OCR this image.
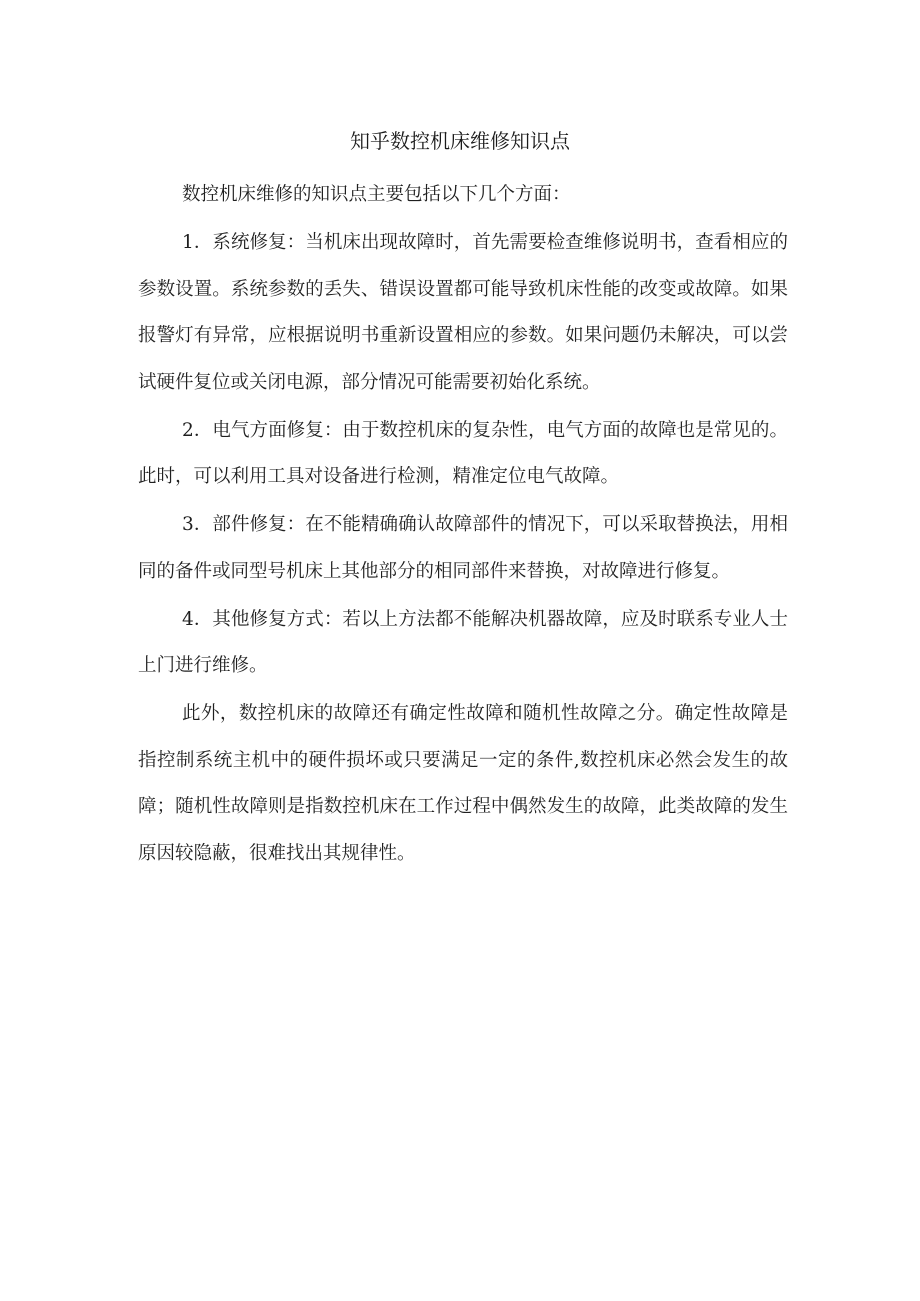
知乎数控机床维修知识点

数控机床维修的知识点主要包括以下几个方面：

1．系统修复：当机床出现故障时，首先需要检查维修说明书，查看相应的参数设置。系统参数的丢失、错误设置都可能导致机床性能的改变或故障。如果报警灯有异常，应根据说明书重新设置相应的参数。如果问题仍未解决，可以尝试硬件复位或关闭电源，部分情况可能需要初始化系统。

2．电气方面修复：由于数控机床的复杂性，电气方面的故障也是常见的。此时，可以利用工具对设备进行检测，精准定位电气故障。

3．部件修复：在不能精确确认故障部件的情况下，可以采取替换法，用相同的备件或同型号机床上其他部分的相同部件来替换，对故障进行修复。

4．其他修复方式：若以上方法都不能解决机器故障，应及时联系专业人士上门进行维修。

此外，数控机床的故障还有确定性故障和随机性故障之分。确定性故障是指控制系统主机中的硬件损坏或只要满足一定的条件,数控机床必然会发生的故障；随机性故障则是指数控机床在工作过程中偶然发生的故障，此类故障的发生原因较隐蔽，很难找出其规律性。
